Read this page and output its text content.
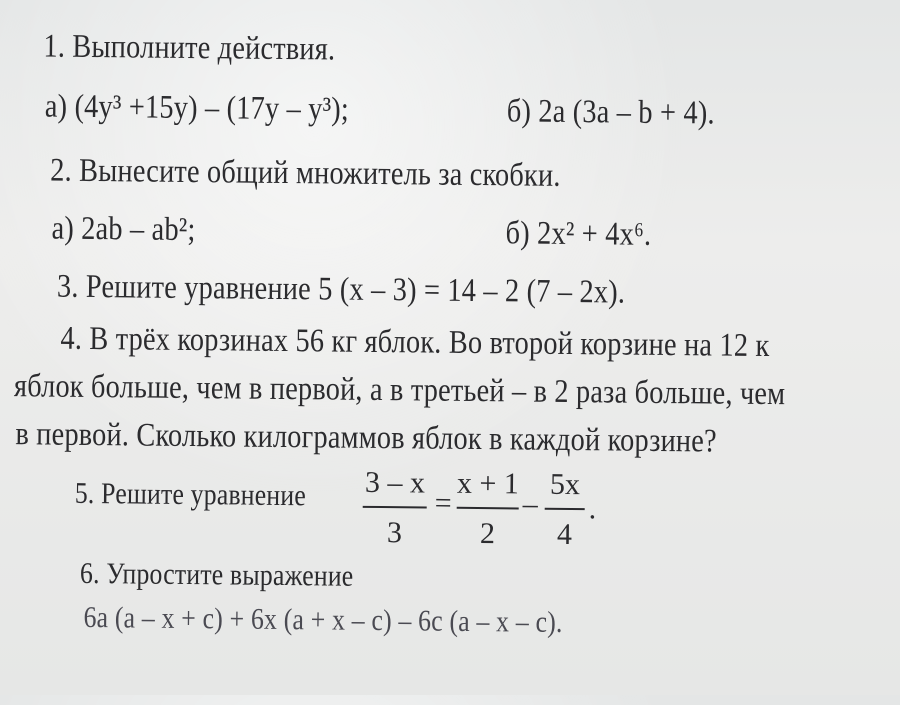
1. Выполните действия.
а) (4y³ +15y) – (17y – y³);	б) 2a (3a – b + 4).
2. Вынесите общий множитель за скобки.
а) 2ab – ab²;	б) 2x² + 4x⁶.
3. Решите уравнение 5 (x – 3) = 14 – 2 (7 – 2x).
4. В трёх корзинах 56 кг яблок. Во второй корзине на 12 к
яблок больше, чем в первой, а в третьей – в 2 раза больше, чем
в первой. Сколько килограммов яблок в каждой корзине?
5. Решите уравнение	3 – x
3
=
x + 1
2
–
5x
4
.
6. Упростите выражение
6a (a – x + c) + 6x (a + x – c) – 6c (a – x – c).
